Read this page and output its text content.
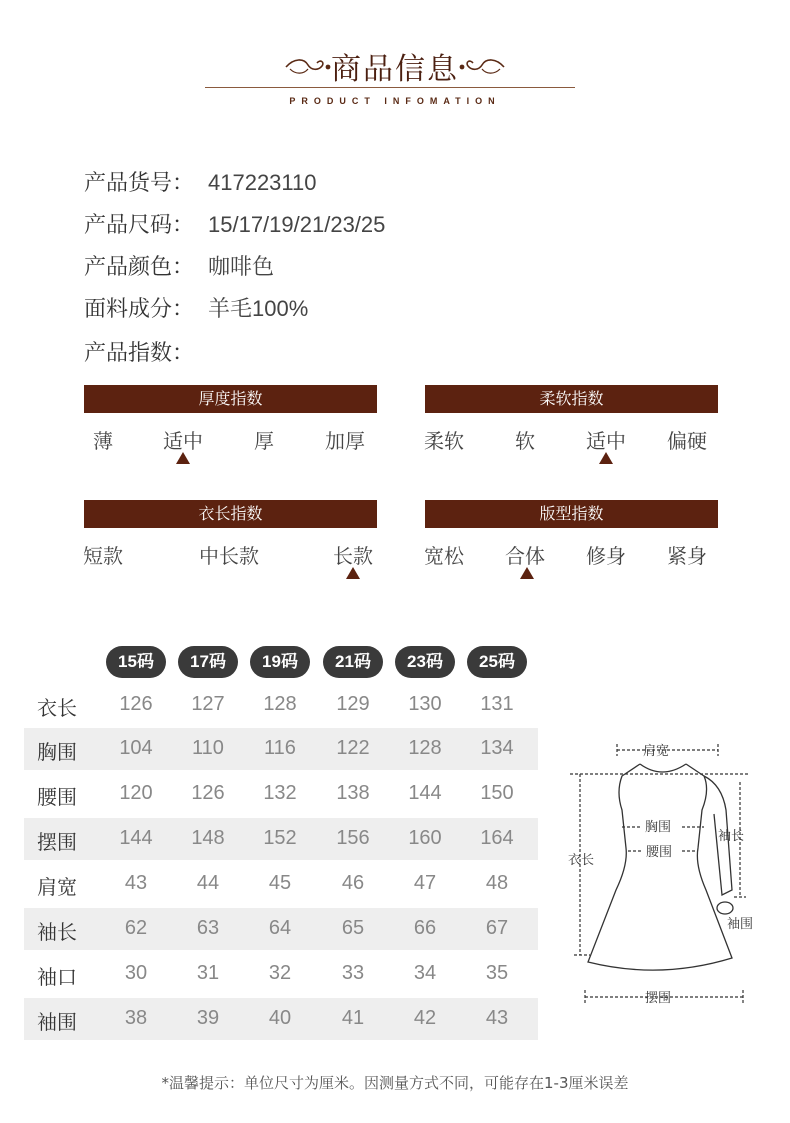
商品信息
PRODUCT INFOMATION
产品货号： 417223110
产品尺码： 15/17/19/21/23/25
产品颜色： 咖啡色
面料成分： 羊毛100%
产品指数：
厚度指数
薄	适中	厚	加厚
柔软指数
柔软	软	适中	偏硬
衣长指数
短款	中长款	长款
版型指数
宽松	合体	修身	紧身
15码	17码	19码	21码	23码	25码
衣长	126	127	128	129	130	131
胸围	104	110	116	122	128	134
腰围	120	126	132	138	144	150
摆围	144	148	152	156	160	164
肩宽	43	44	45	46	47	48
袖长	62	63	64	65	66	67
袖口	30	31	32	33	34	35
袖围	38	39	40	41	42	43
肩宽
胸围
腰围
袖长
衣长
袖围
摆围
*温馨提示：单位尺寸为厘米。因测量方式不同，可能存在1-3厘米误差
